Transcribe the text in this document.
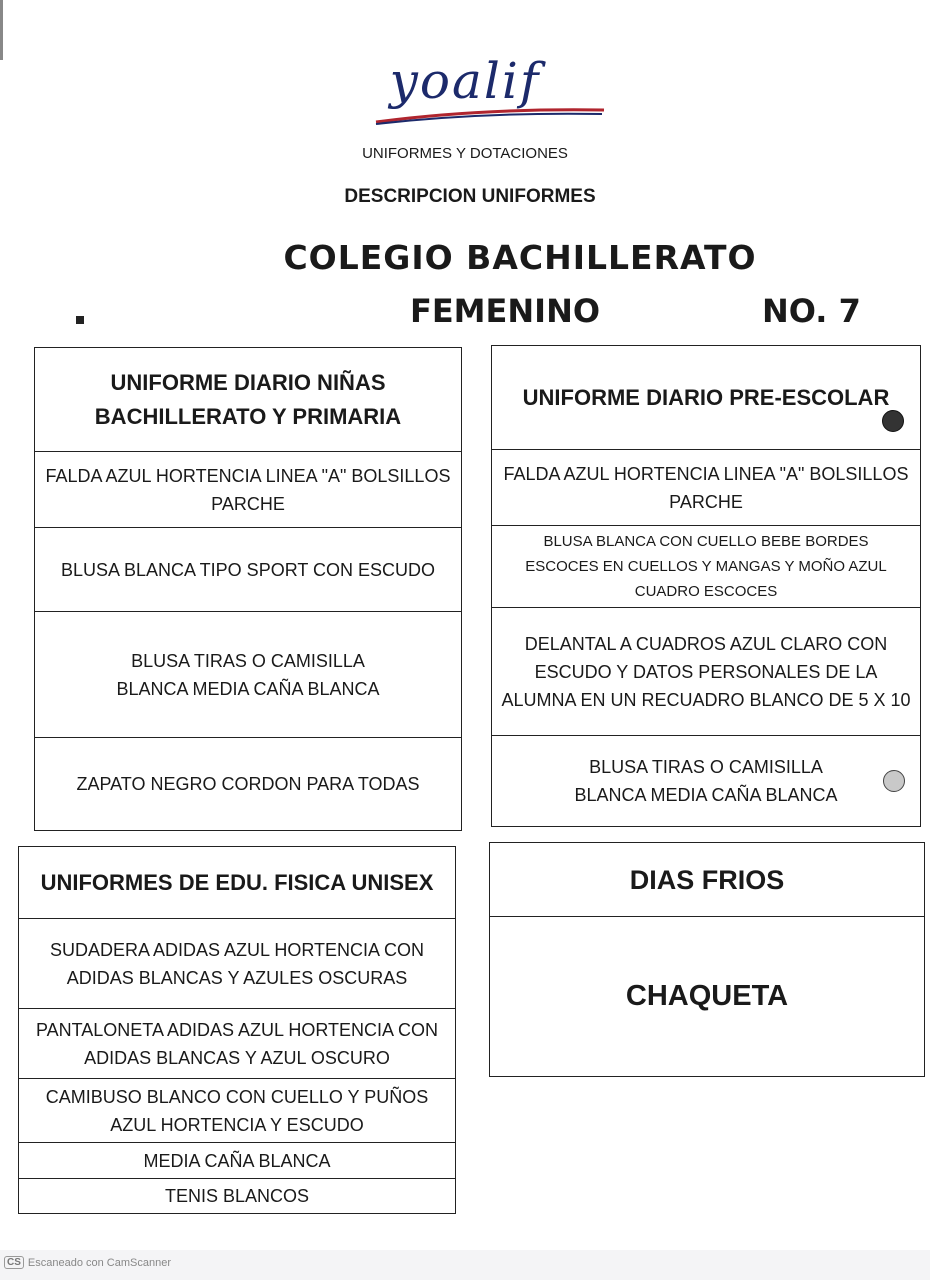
yoalif
UNIFORMES Y DOTACIONES
DESCRIPCION UNIFORMES
COLEGIO BACHILLERATO
FEMENINO	NO. 7
UNIFORME DIARIO NIÑAS BACHILLERATO Y PRIMARIA
FALDA AZUL HORTENCIA LINEA "A" BOLSILLOS PARCHE
BLUSA BLANCA TIPO SPORT CON ESCUDO
BLUSA TIRAS O CAMISILLA BLANCA MEDIA CAÑA BLANCA
ZAPATO NEGRO CORDON PARA TODAS
UNIFORME DIARIO PRE-ESCOLAR
FALDA AZUL HORTENCIA LINEA "A" BOLSILLOS PARCHE
BLUSA BLANCA CON CUELLO BEBE BORDES ESCOCES EN CUELLOS Y MANGAS Y MOÑO AZUL CUADRO ESCOCES
DELANTAL A CUADROS AZUL CLARO CON ESCUDO Y DATOS PERSONALES DE LA ALUMNA EN UN RECUADRO BLANCO DE 5 X 10
BLUSA TIRAS O CAMISILLA BLANCA MEDIA CAÑA BLANCA
UNIFORMES DE EDU. FISICA UNISEX
SUDADERA ADIDAS AZUL HORTENCIA CON ADIDAS BLANCAS Y AZULES OSCURAS
PANTALONETA ADIDAS AZUL HORTENCIA CON ADIDAS BLANCAS Y AZUL OSCURO
CAMIBUSO BLANCO CON CUELLO Y PUÑOS AZUL HORTENCIA Y ESCUDO
MEDIA CAÑA BLANCA
TENIS BLANCOS
DIAS FRIOS
CHAQUETA
CS Escaneado con CamScanner
